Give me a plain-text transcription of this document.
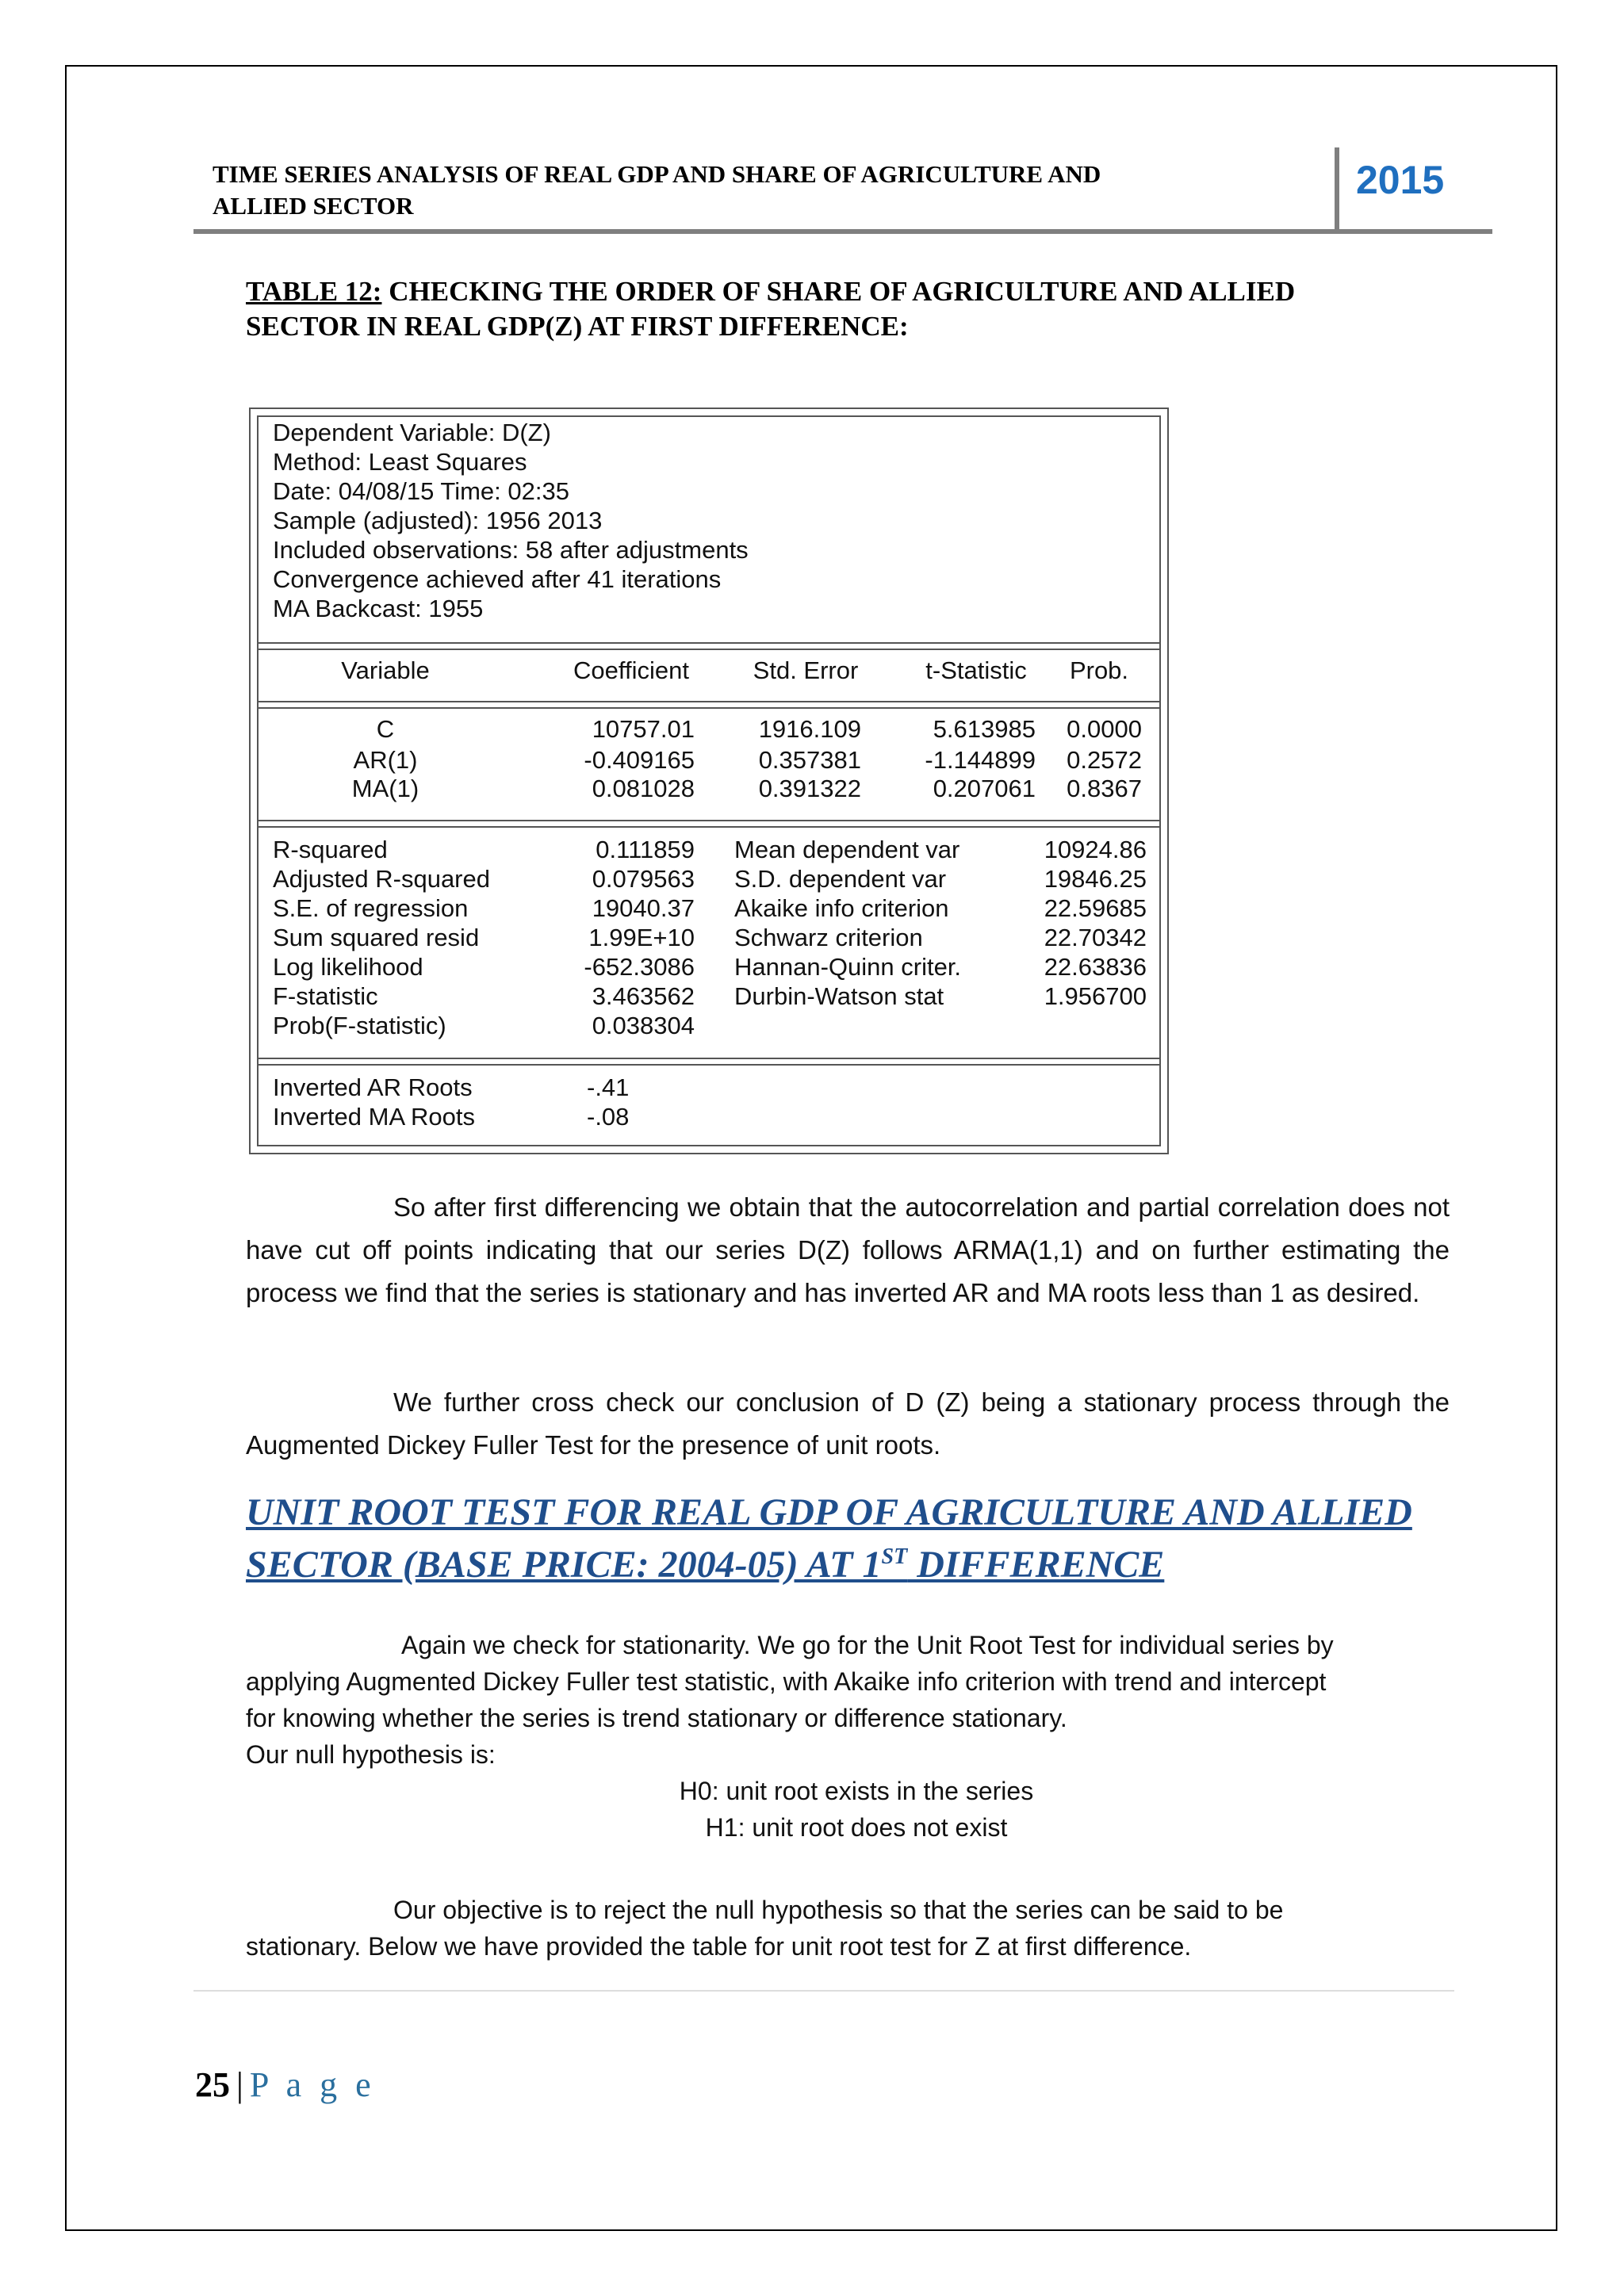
TIME SERIES ANALYSIS OF REAL GDP AND SHARE OF AGRICULTURE AND
ALLIED SECTOR
2015
TABLE 12: CHECKING THE ORDER OF SHARE OF AGRICULTURE AND ALLIED
SECTOR IN REAL GDP(Z) AT FIRST DIFFERENCE:
Dependent Variable: D(Z)
Method: Least Squares
Date: 04/08/15 Time: 02:35
Sample (adjusted): 1956 2013
Included observations: 58 after adjustments
Convergence achieved after 41 iterations
MA Backcast: 1955
Variable	Coefficient	Std. Error	t-Statistic	Prob.
C	10757.01	1916.109	5.613985	0.0000
AR(1)	-0.409165	0.357381	-1.144899	0.2572
MA(1)	0.081028	0.391322	0.207061	0.8367
R-squared	0.111859 Mean dependent var	10924.86
Adjusted R-squared	0.079563 S.D. dependent var	19846.25
S.E. of regression	19040.37 Akaike info criterion	22.59685
Sum squared resid	1.99E+10 Schwarz criterion	22.70342
Log likelihood	-652.3086 Hannan-Quinn criter.	22.63836
F-statistic	3.463562 Durbin-Watson stat	1.956700
Prob(F-statistic)	0.038304
Inverted AR Roots	-.41
Inverted MA Roots	-.08
So after first differencing we obtain that the autocorrelation and partial correlation does not have cut off points indicating that our series D(Z) follows ARMA(1,1) and on further estimating the process we find that the series is stationary and has inverted AR and MA roots less than 1 as desired.
We further cross check our conclusion of D (Z) being a stationary process through the Augmented Dickey Fuller Test for the presence of unit roots.
UNIT ROOT TEST FOR REAL GDP OF AGRICULTURE AND ALLIED
SECTOR (BASE PRICE: 2004-05) AT 1ST DIFFERENCE
Again we check for stationarity. We go for the Unit Root Test for individual series by
applying Augmented Dickey Fuller test statistic, with Akaike info criterion with trend and intercept
for knowing whether the series is trend stationary or difference stationary.
Our null hypothesis is:
H0: unit root exists in the series
H1: unit root does not exist
Our objective is to reject the null hypothesis so that the series can be said to be
stationary. Below we have provided the table for unit root test for Z at first difference.
25 | P a g e
